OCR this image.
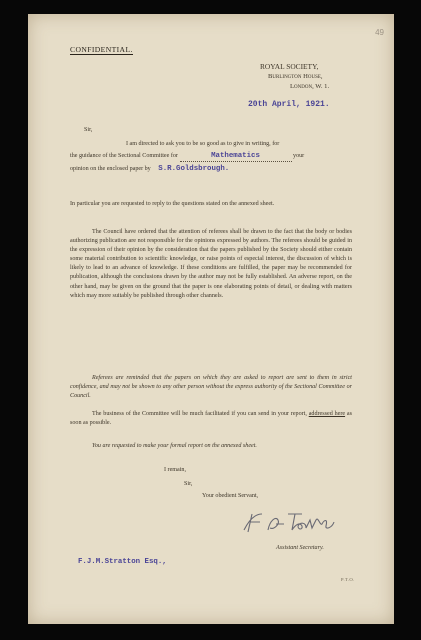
49
CONFIDENTIAL.
ROYAL SOCIETY,
Burlington House,
London, W. 1.
20th April, 1921.
Sir,
I am directed to ask you to be so good as to give in writing, for
the guidance of the Sectional Committee for	Mathematics	your
opinion on the enclosed paper by S.R.Goldsbrough.
In particular you are requested to reply to the questions stated on the annexed sheet.
The Council have ordered that the attention of referees shall be drawn to the fact that the body or bodies authorizing publication are not responsible for the opinions expressed by authors. The referees should be guided in the expression of their opinion by the consideration that the papers published by the Society should either contain some material contribution to scientific knowledge, or raise points of especial interest, the discussion of which is likely to lead to an advance of knowledge. If these conditions are fulfilled, the paper may be recommended for publication, although the conclusions drawn by the author may not be fully established. An adverse report, on the other hand, may be given on the ground that the paper is one elaborating points of detail, or dealing with matters which may more suitably be published through other channels.
Referees are reminded that the papers on which they are asked to report are sent to them in strict confidence, and may not be shown to any other person without the express authority of the Sectional Committee or Council.
The business of the Committee will be much facilitated if you can send in your report, addressed here as soon as possible.
You are requested to make your formal report on the annexed sheet.
I remain,
Sir,
Your obedient Servant,
Assistant Secretary.
F.J.M.Stratton Esq.,
P.T.O.
